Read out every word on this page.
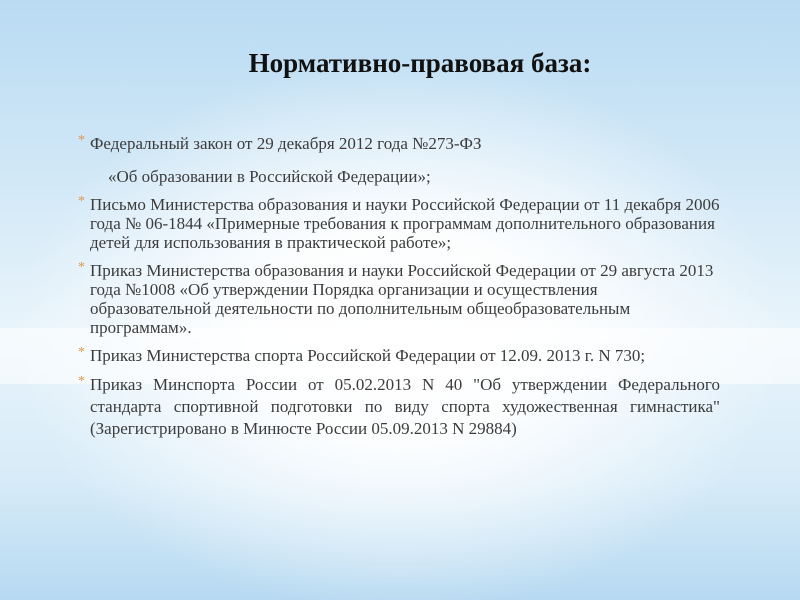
Нормативно-правовая база:
* Федеральный закон от 29 декабря 2012 года №273-ФЗ
«Об образовании в Российской Федерации»;
* Письмо Министерства образования и науки Российской Федерации от 11 декабря 2006 года № 06-1844 «Примерные требования к программам дополнительного образования детей для использования в практической работе»;
* Приказ Министерства образования и науки Российской Федерации от 29 августа 2013 года №1008 «Об утверждении Порядка организации и осуществления образовательной деятельности по дополнительным общеобразовательным программам».
* Приказ Министерства спорта Российской Федерации от 12.09. 2013 г. N 730;
* Приказ Минспорта России от 05.02.2013 N 40 "Об утверждении Федерального стандарта спортивной подготовки по виду спорта художественная гимнастика" (Зарегистрировано в Минюсте России 05.09.2013 N 29884)
